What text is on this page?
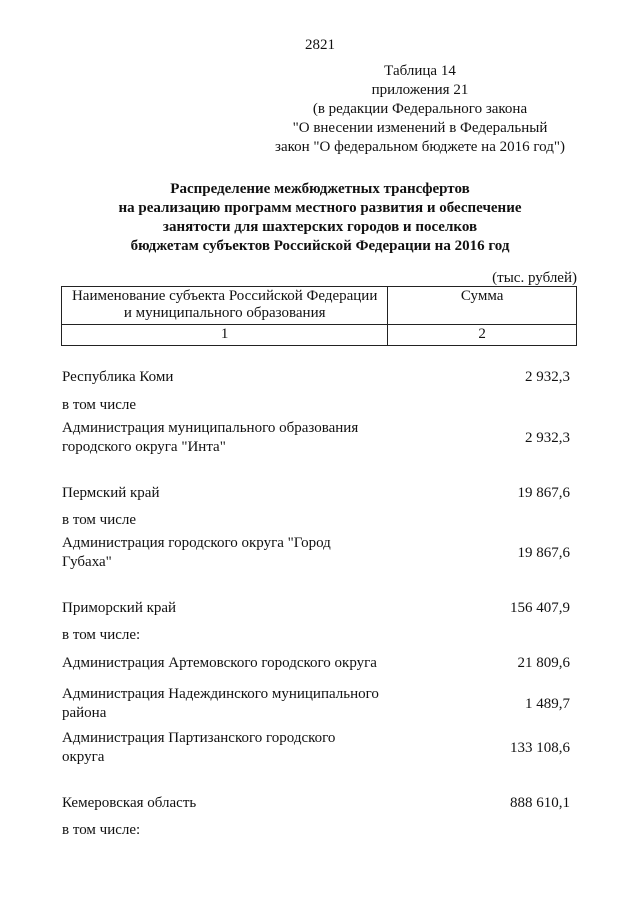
2821
Таблица 14
приложения 21
(в редакции Федерального закона
"О внесении изменений в Федеральный
закон "О федеральном бюджете на 2016 год")
Распределение межбюджетных трансфертов
на реализацию программ местного развития и обеспечение
занятости для шахтерских городов и поселков
бюджетам субъектов Российской Федерации на 2016 год
(тыс. рублей)
Наименование субъекта Российской Федерации
и муниципального образования	Сумма
1	2
Республика Коми	2 932,3
в том числе
Администрация муниципального образования
городского округа "Инта"
2 932,3
Пермский край	19 867,6
в том числе
Администрация городского округа "Город
Губаха"
19 867,6
Приморский край	156 407,9
в том числе:
Администрация Артемовского городского округа	21 809,6
Администрация Надеждинского муниципального
района
1 489,7
Администрация Партизанского городского
округа
133 108,6
Кемеровская область	888 610,1
в том числе:
